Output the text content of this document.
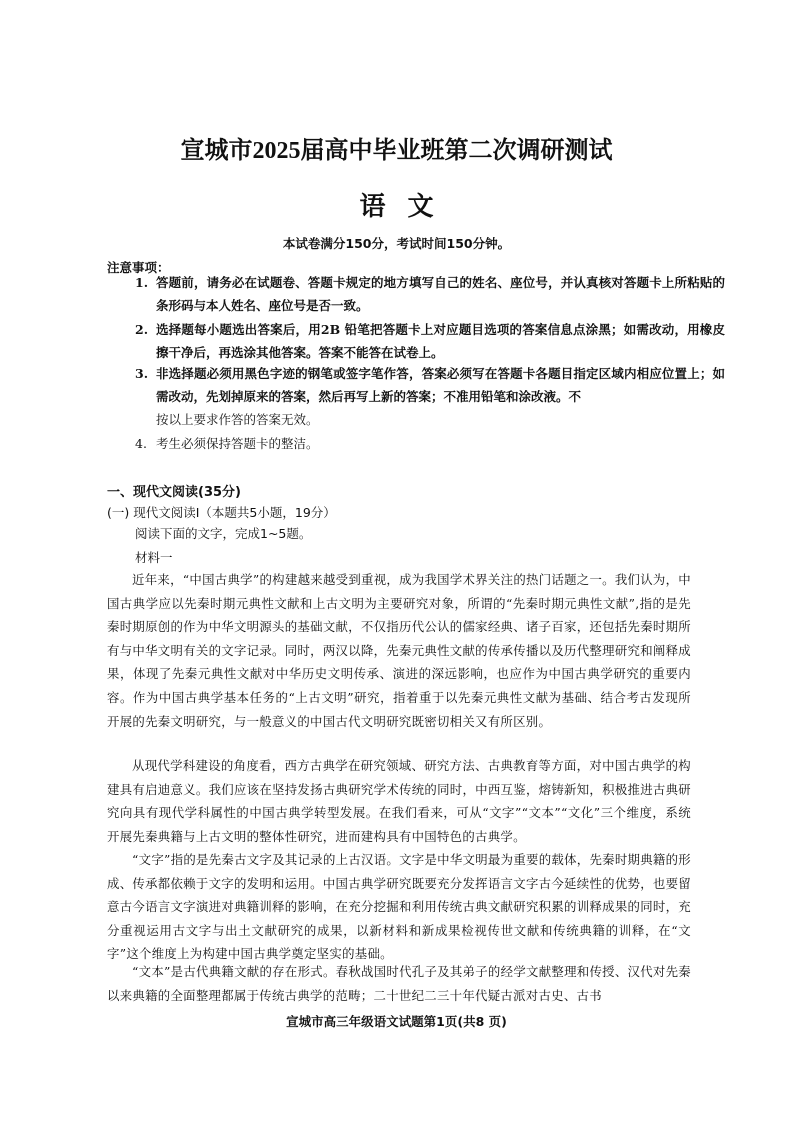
宣城市2025届高中毕业班第二次调研测试
语文
本试卷满分150分，考试时间150分钟。
注意事项：
1. 答题前，请务必在试题卷、答题卡规定的地方填写自己的姓名、座位号，并认真核对答题卡上所粘贴的条形码与本人姓名、座位号是否一致。
2. 选择题每小题选出答案后，用2B 铅笔把答题卡上对应题目选项的答案信息点涂黑；如需改动，用橡皮擦干净后，再选涂其他答案。答案不能答在试卷上。
3. 非选择题必须用黑色字迹的钢笔或签字笔作答，答案必须写在答题卡各题目指定区域内相应位置上；如需改动，先划掉原来的答案，然后再写上新的答案；不准用铅笔和涂改液。不
按以上要求作答的答案无效。
4. 考生必须保持答题卡的整洁。
一、现代文阅读(35分)
(一) 现代文阅读I（本题共5小题，19分）
阅读下面的文字，完成1~5题。
材料一
近年来，“中国古典学”的构建越来越受到重视，成为我国学术界关注的热门话题之一。我们认为，中国古典学应以先秦时期元典性文献和上古文明为主要研究对象，所谓的“先秦时期元典性文献”,指的是先秦时期原创的作为中华文明源头的基础文献，不仅指历代公认的儒家经典、诸子百家，还包括先秦时期所有与中华文明有关的文字记录。同时，两汉以降，先秦元典性文献的传承传播以及历代整理研究和阐释成果，体现了先秦元典性文献对中华历史文明传承、演进的深远影响，也应作为中国古典学研究的重要内容。作为中国古典学基本任务的“上古文明”研究，指着重于以先秦元典性文献为基础、结合考古发现所开展的先秦文明研究，与一般意义的中国古代文明研究既密切相关又有所区别。
从现代学科建设的角度看，西方古典学在研究领域、研究方法、古典教育等方面，对中国古典学的构建具有启迪意义。我们应该在坚持发扬古典研究学术传统的同时，中西互鉴，熔铸新知，积极推进古典研究向具有现代学科属性的中国古典学转型发展。在我们看来，可从“文字”“文本”“文化”三个维度，系统开展先秦典籍与上古文明的整体性研究，进而建构具有中国特色的古典学。
“文字”指的是先秦古文字及其记录的上古汉语。文字是中华文明最为重要的载体，先秦时期典籍的形成、传承都依赖于文字的发明和运用。中国古典学研究既要充分发挥语言文字古今延续性的优势，也要留意古今语言文字演进对典籍训释的影响，在充分挖掘和利用传统古典文献研究积累的训释成果的同时，充分重视运用古文字与出土文献研究的成果，以新材料和新成果检视传世文献和传统典籍的训释，在“文字”这个维度上为构建中国古典学奠定坚实的基础。
“文本”是古代典籍文献的存在形式。春秋战国时代孔子及其弟子的经学文献整理和传授、汉代对先秦以来典籍的全面整理都属于传统古典学的范畴；二十世纪二三十年代疑古派对古史、古书
宣城市高三年级语文试题第1页(共8 页)
